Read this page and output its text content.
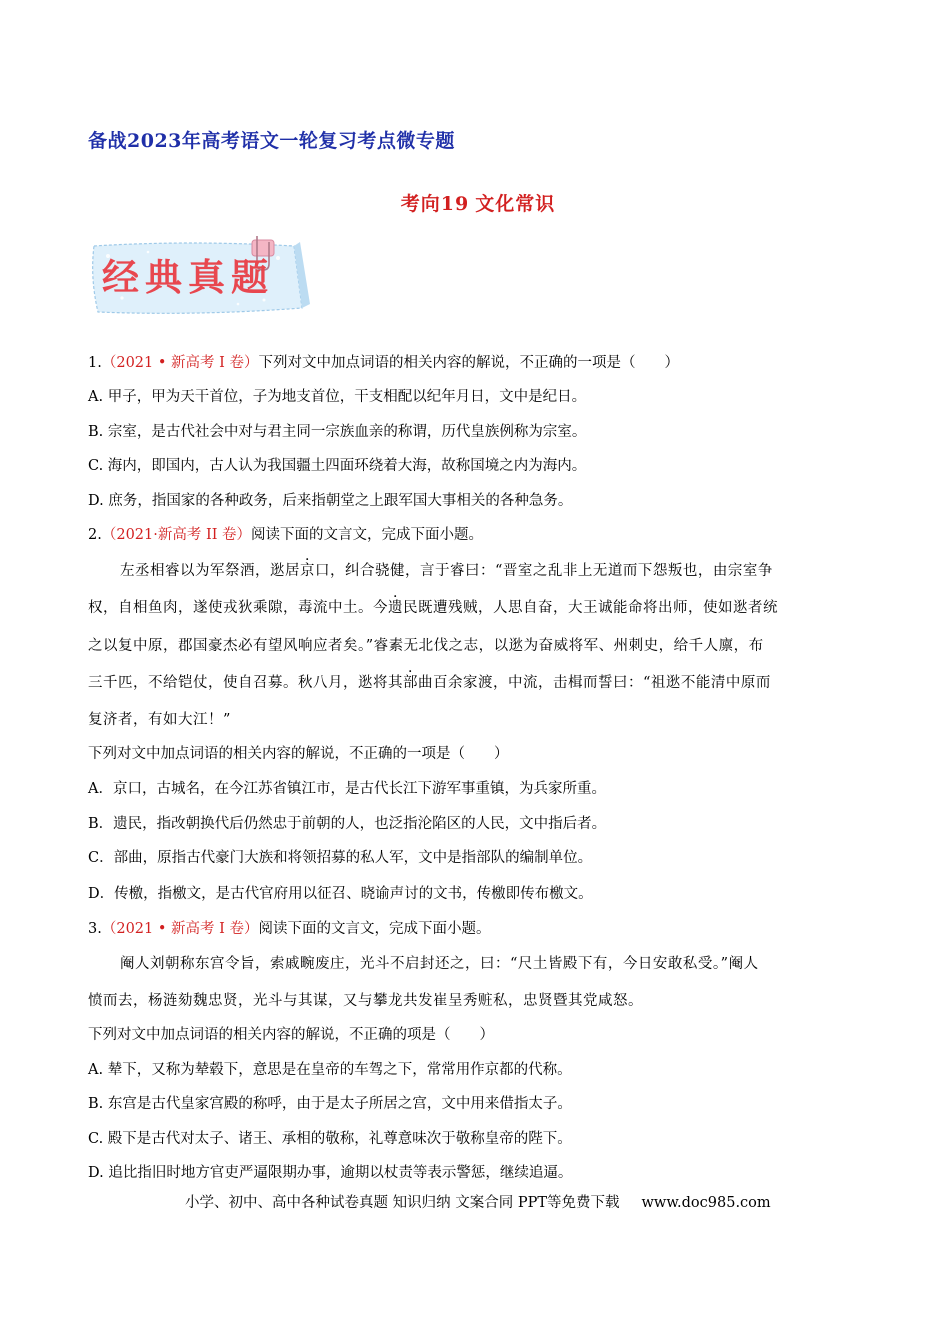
备战2023年高考语文一轮复习考点微专题
考向19 文化常识
经典真题
1.（2021 • 新高考 I 卷）下列对文中加点词语的相关内容的解说，不正确的一项是（　　）
A. 甲子，甲为天干首位，子为地支首位，干支相配以纪年月日，文中是纪日。
B. 宗室，是古代社会中对与君主同一宗族血亲的称谓，历代皇族例称为宗室。
C. 海内，即国内，古人认为我国疆土四面环绕着大海，故称国境之内为海内。
D. 庶务，指国家的各种政务，后来指朝堂之上跟军国大事相关的各种急务。
2.（2021·新高考 II 卷）阅读下面的文言文，完成下面小题。
左丞相睿以为军祭酒，逖居京口，纠合骁健，言于睿曰：“晋室之乱非上无道而下怨叛也，由宗室争
权，自相鱼肉，遂使戎狄乘隙，毒流中土。今遗民既遭残贼，人思自奋，大王诚能命将出师，使如逖者统
之以复中原，郡国豪杰必有望风响应者矣。”睿素无北伐之志，以逖为奋威将军、州刺史，给千人廪，布
三千匹，不给铠仗，使自召募。秋八月，逖将其部曲百余家渡，中流，击楫而誓曰：“祖逖不能清中原而
复济者，有如大江！”
下列对文中加点词语的相关内容的解说，不正确的一项是（　　）
A．京口，古城名，在今江苏省镇江市，是古代长江下游军事重镇，为兵家所重。
B．遗民，指改朝换代后仍然忠于前朝的人，也泛指沦陷区的人民，文中指后者。
C．部曲，原指古代豪门大族和将领招募的私人军，文中是指部队的编制单位。
D．传檄，指檄文，是古代官府用以征召、晓谕声讨的文书，传檄即传布檄文。
3.（2021 • 新高考 I 卷）阅读下面的文言文，完成下面小题。
阉人刘朝称东宫令旨，索戚畹废庄，光斗不启封还之，曰：“尺土皆殿下有，今日安敢私受。”阉人
愤而去，杨涟劾魏忠贤，光斗与其谋，又与攀龙共发崔呈秀赃私，忠贤暨其党咸怒。
下列对文中加点词语的相关内容的解说，不正确的项是（　　）
A. 辇下，又称为辇毂下，意思是在皇帝的车驾之下，常常用作京都的代称。
B. 东宫是古代皇家宫殿的称呼，由于是太子所居之宫，文中用来借指太子。
C. 殿下是古代对太子、诸王、承相的敬称，礼尊意味次于敬称皇帝的陛下。
D. 追比指旧时地方官吏严逼限期办事，逾期以杖责等表示警惩，继续追逼。
小学、初中、高中各种试卷真题 知识归纳 文案合同 PPT等免费下载 www.doc985.com
